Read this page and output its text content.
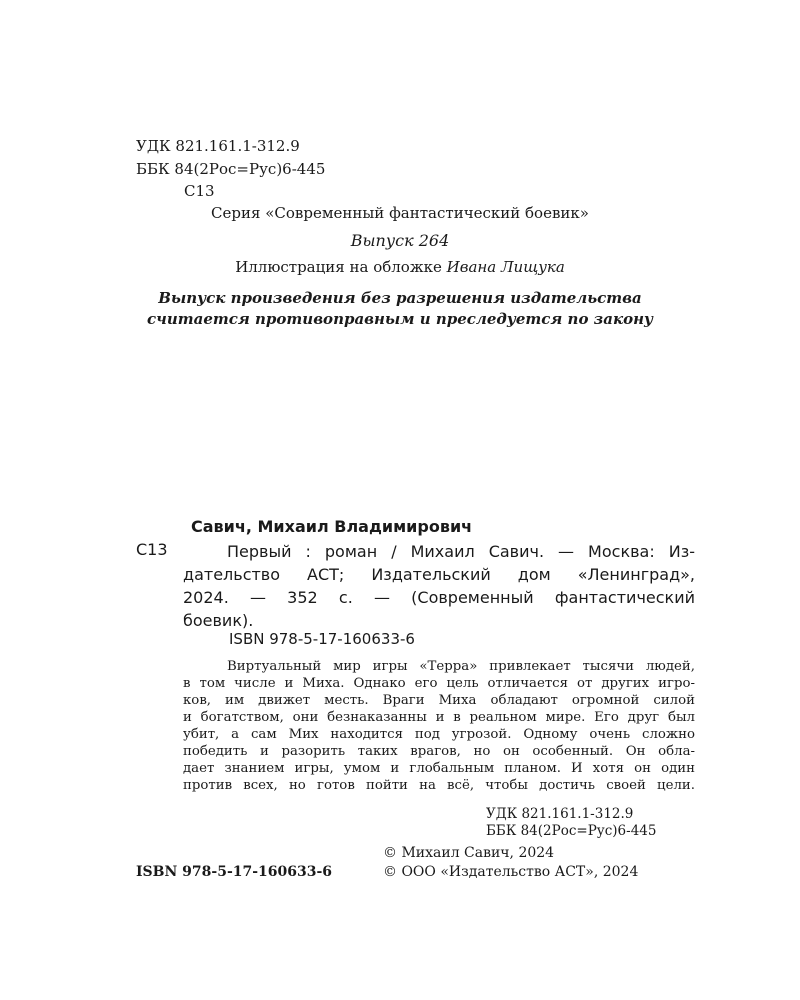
УДК 821.161.1-312.9
ББК 84(2Рос=Рус)6-445
С13
Серия «Современный фантастический боевик»
Выпуск 264
Иллюстрация на обложке Ивана Лищука
Выпуск произведения без разрешения издательства
считается противоправным и преследуется по закону
Савич, Михаил Владимирович
С13	Первый : роман / Михаил Савич. — Москва: Из-
дательство АСТ; Издательский дом «Ленинград»,
2024. — 352 с. — (Современный фантастический
боевик).
ISBN 978-5-17-160633-6
Виртуальный мир игры «Терра» привлекает тысячи людей,
в том числе и Миха. Однако его цель отличается от других игро-
ков, им движет месть. Враги Миха обладают огромной силой
и богатством, они безнаказанны и в реальном мире. Его друг был
убит, а сам Мих находится под угрозой. Одному очень сложно
победить и разорить таких врагов, но он особенный. Он обла-
дает знанием игры, умом и глобальным планом. И хотя он один
против всех, но готов пойти на всё, чтобы достичь своей цели.
УДК 821.161.1-312.9
ББК 84(2Рос=Рус)6-445
© Михаил Савич, 2024
© ООО «Издательство АСТ», 2024
ISBN 978-5-17-160633-6
